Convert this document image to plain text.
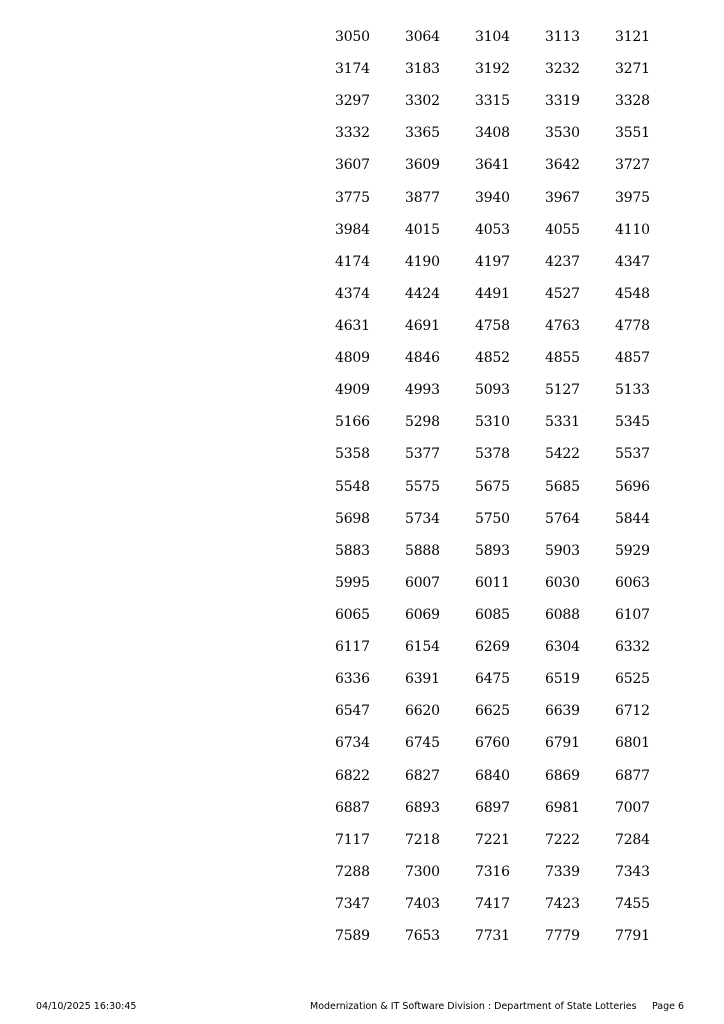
3050	3064	3104	3113	3121
3174	3183	3192	3232	3271
3297	3302	3315	3319	3328
3332	3365	3408	3530	3551
3607	3609	3641	3642	3727
3775	3877	3940	3967	3975
3984	4015	4053	4055	4110
4174	4190	4197	4237	4347
4374	4424	4491	4527	4548
4631	4691	4758	4763	4778
4809	4846	4852	4855	4857
4909	4993	5093	5127	5133
5166	5298	5310	5331	5345
5358	5377	5378	5422	5537
5548	5575	5675	5685	5696
5698	5734	5750	5764	5844
5883	5888	5893	5903	5929
5995	6007	6011	6030	6063
6065	6069	6085	6088	6107
6117	6154	6269	6304	6332
6336	6391	6475	6519	6525
6547	6620	6625	6639	6712
6734	6745	6760	6791	6801
6822	6827	6840	6869	6877
6887	6893	6897	6981	7007
7117	7218	7221	7222	7284
7288	7300	7316	7339	7343
7347	7403	7417	7423	7455
7589	7653	7731	7779	7791
04/10/2025 16:30:45	Modernization & IT Software Division : Department of State Lotteries Page 6
